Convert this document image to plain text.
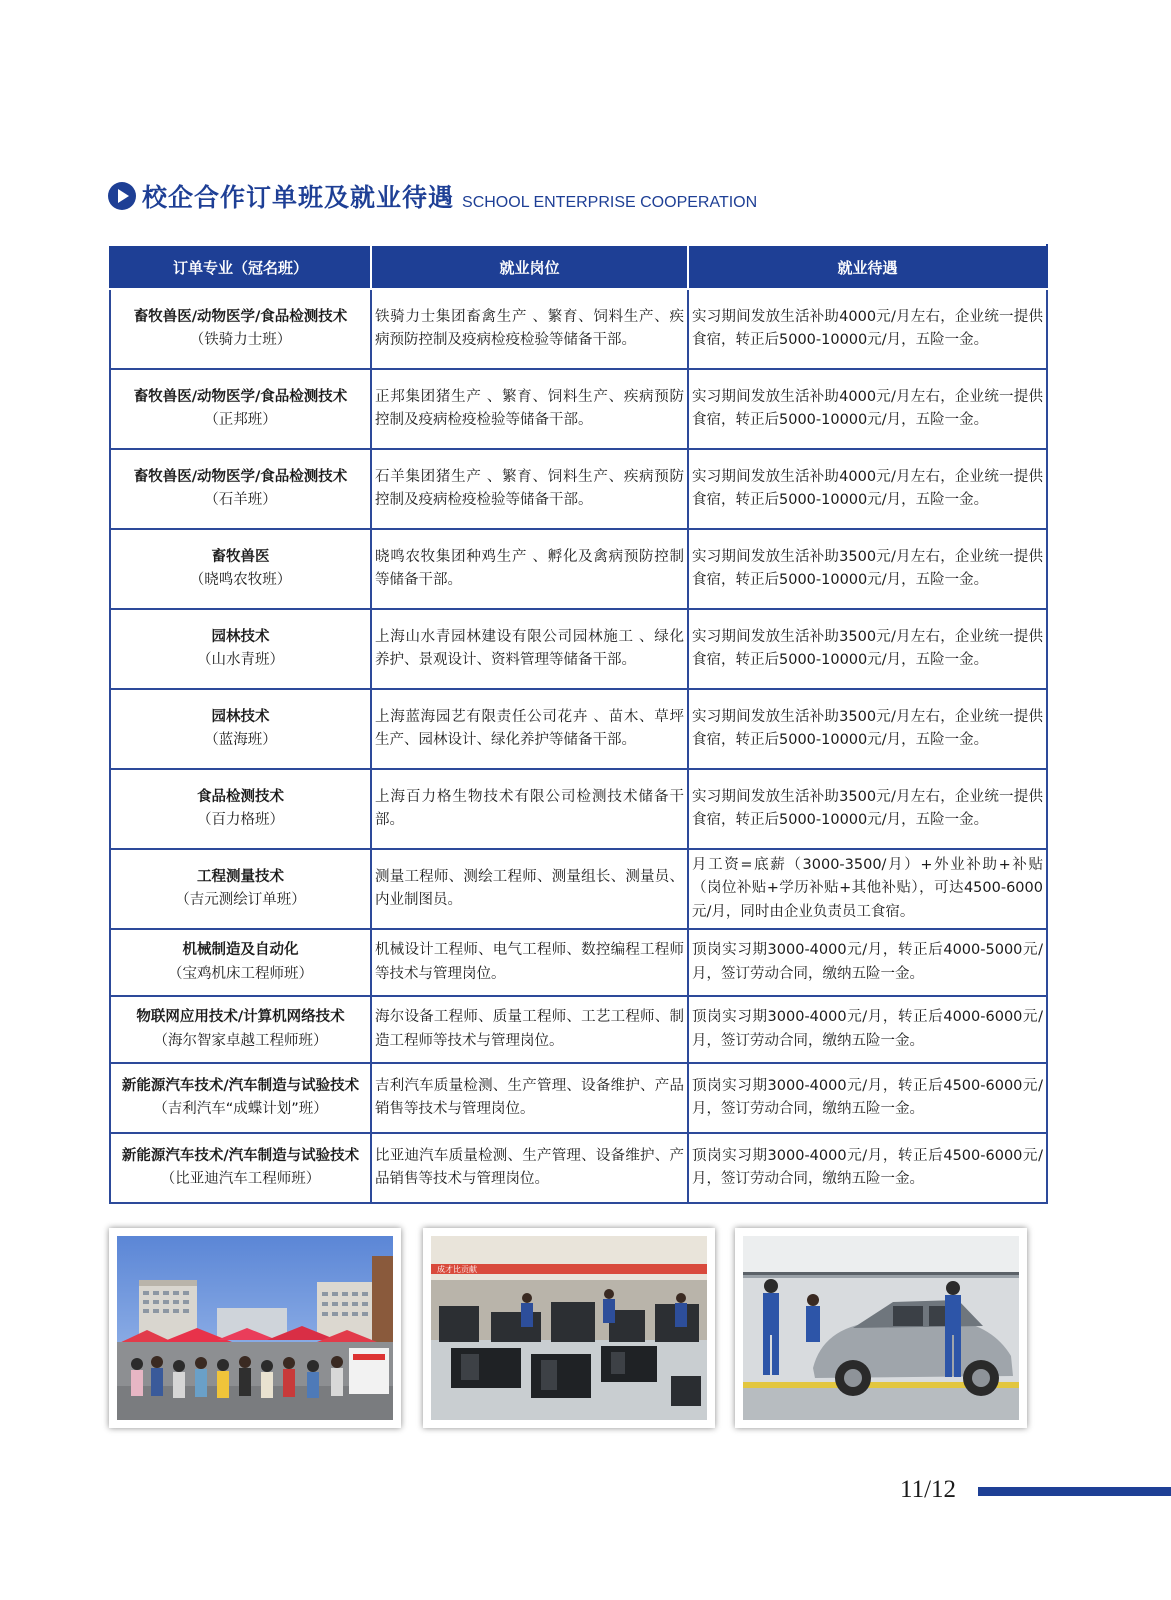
校企合作订单班及就业待遇 SCHOOL ENTERPRISE COOPERATION
订单专业（冠名班）	就业岗位	就业待遇

畜牧兽医/动物医学/食品检测技术
（铁骑力士班）	铁骑力士集团畜禽生产 、繁育、饲料生产、疾病预防控制及疫病检疫检验等储备干部。	实习期间发放生活补助4000元/月左右，企业统一提供食宿，转正后5000-10000元/月，五险一金。

畜牧兽医/动物医学/食品检测技术
（正邦班）	正邦集团猪生产 、繁育、饲料生产、疾病预防控制及疫病检疫检验等储备干部。	实习期间发放生活补助4000元/月左右，企业统一提供食宿，转正后5000-10000元/月，五险一金。

畜牧兽医/动物医学/食品检测技术
（石羊班）	石羊集团猪生产 、繁育、饲料生产、疾病预防控制及疫病检疫检验等储备干部。	实习期间发放生活补助4000元/月左右，企业统一提供食宿，转正后5000-10000元/月，五险一金。

畜牧兽医
（晓鸣农牧班）	晓鸣农牧集团种鸡生产 、孵化及禽病预防控制等储备干部。	实习期间发放生活补助3500元/月左右，企业统一提供食宿，转正后5000-10000元/月，五险一金。

园林技术
（山水青班）	上海山水青园林建设有限公司园林施工 、绿化养护、景观设计、资料管理等储备干部。	实习期间发放生活补助3500元/月左右，企业统一提供食宿，转正后5000-10000元/月，五险一金。

园林技术
（蓝海班）	上海蓝海园艺有限责任公司花卉 、苗木、草坪生产、园林设计、绿化养护等储备干部。	实习期间发放生活补助3500元/月左右，企业统一提供食宿，转正后5000-10000元/月，五险一金。

食品检测技术
（百力格班）	上海百力格生物技术有限公司检测技术储备干部。	实习期间发放生活补助3500元/月左右，企业统一提供食宿，转正后5000-10000元/月，五险一金。

工程测量技术
（吉元测绘订单班）	测量工程师、测绘工程师、测量组长、测量员、内业制图员。	月工资=底薪（3000-3500/月）+外业补助+补贴（岗位补贴+学历补贴+其他补贴），可达4500-6000元/月，同时由企业负责员工食宿。

机械制造及自动化
（宝鸡机床工程师班）	机械设计工程师、电气工程师、数控编程工程师等技术与管理岗位。	顶岗实习期3000-4000元/月，转正后4000-5000元/月，签订劳动合同，缴纳五险一金。

物联网应用技术/计算机网络技术
（海尔智家卓越工程师班）	海尔设备工程师、质量工程师、工艺工程师、制造工程师等技术与管理岗位。	顶岗实习期3000-4000元/月，转正后4000-6000元/月，签订劳动合同，缴纳五险一金。

新能源汽车技术/汽车制造与试验技术
（吉利汽车“成蝶计划”班）	吉利汽车质量检测、生产管理、设备维护、产品销售等技术与管理岗位。	顶岗实习期3000-4000元/月，转正后4500-6000元/月，签订劳动合同，缴纳五险一金。

新能源汽车技术/汽车制造与试验技术
（比亚迪汽车工程师班）	比亚迪汽车质量检测、生产管理、设备维护、产品销售等技术与管理岗位。	顶岗实习期3000-4000元/月，转正后4500-6000元/月，签订劳动合同，缴纳五险一金。
成才比贡献
11/12
